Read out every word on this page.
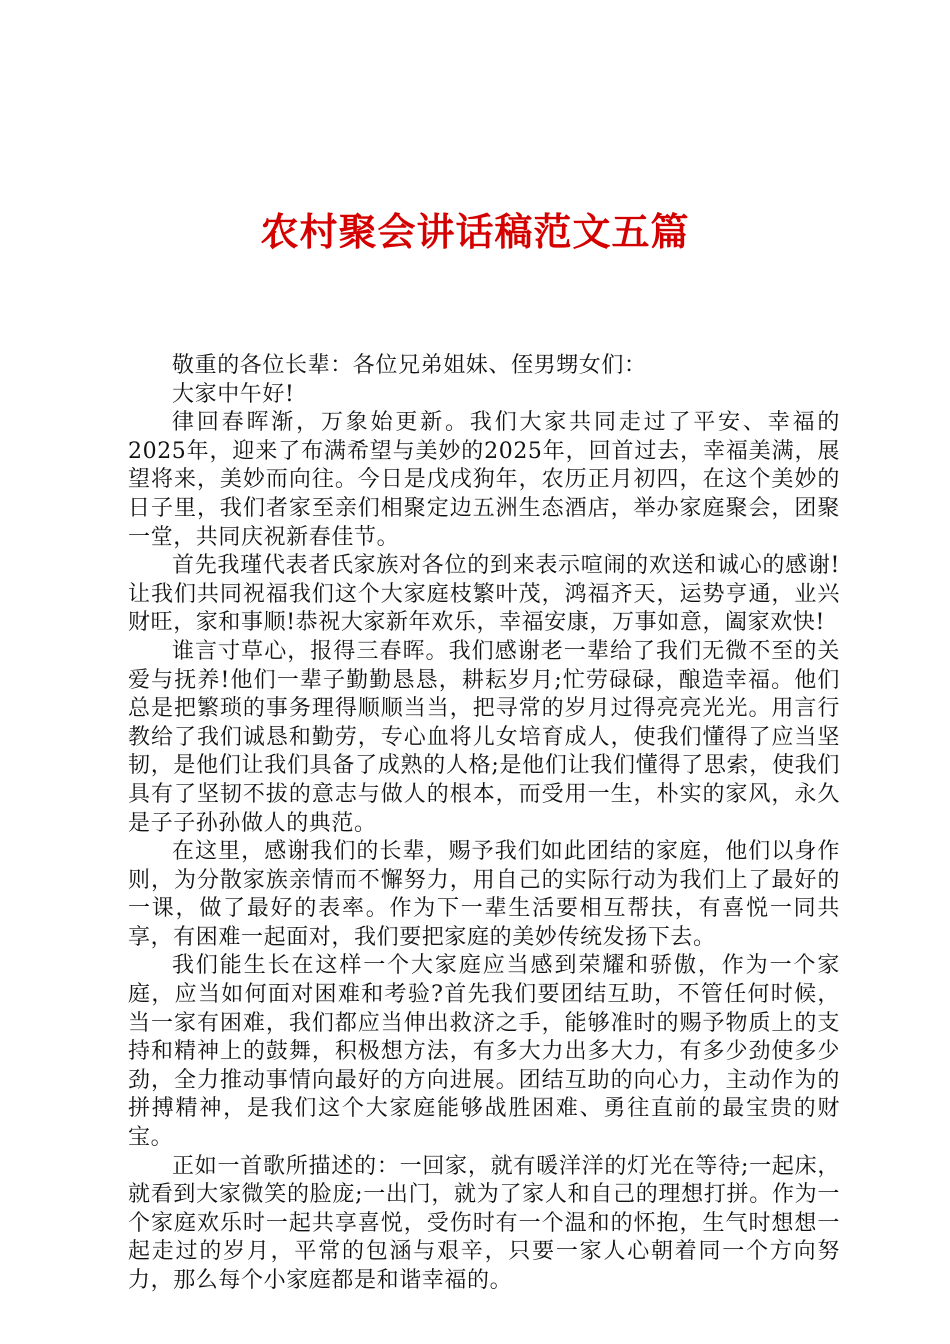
农村聚会讲话稿范文五篇

敬重的各位长辈：各位兄弟姐妹、侄男甥女们：

大家中午好!

律回春晖渐，万象始更新。我们大家共同走过了平安、幸福的2025年，迎来了布满希望与美妙的2025年，回首过去，幸福美满，展望将来，美妙而向往。今日是戊戌狗年，农历正月初四，在这个美妙的日子里，我们者家至亲们相聚定边五洲生态酒店，举办家庭聚会，团聚一堂，共同庆祝新春佳节。

首先我瑾代表者氏家族对各位的到来表示喧闹的欢送和诚心的感谢!让我们共同祝福我们这个大家庭枝繁叶茂，鸿福齐天，运势亨通，业兴财旺，家和事顺!恭祝大家新年欢乐，幸福安康，万事如意，阖家欢快!

谁言寸草心，报得三春晖。我们感谢老一辈给了我们无微不至的关爱与抚养!他们一辈子勤勤恳恳，耕耘岁月;忙劳碌碌，酿造幸福。他们总是把繁琐的事务理得顺顺当当，把寻常的岁月过得亮亮光光。用言行教给了我们诚恳和勤劳，专心血将儿女培育成人，使我们懂得了应当坚韧，是他们让我们具备了成熟的人格;是他们让我们懂得了思索，使我们具有了坚韧不拔的意志与做人的根本，而受用一生，朴实的家风，永久是子子孙孙做人的典范。

在这里，感谢我们的长辈，赐予我们如此团结的家庭，他们以身作则，为分散家族亲情而不懈努力，用自己的实际行动为我们上了最好的一课，做了最好的表率。作为下一辈生活要相互帮扶，有喜悦一同共享，有困难一起面对，我们要把家庭的美妙传统发扬下去。

我们能生长在这样一个大家庭应当感到荣耀和骄傲，作为一个家庭，应当如何面对困难和考验?首先我们要团结互助，不管任何时候，当一家有困难，我们都应当伸出救济之手，能够准时的赐予物质上的支持和精神上的鼓舞，积极想方法，有多大力出多大力，有多少劲使多少劲，全力推动事情向最好的方向进展。团结互助的向心力，主动作为的拼搏精神，是我们这个大家庭能够战胜困难、勇往直前的最宝贵的财宝。

正如一首歌所描述的：一回家，就有暖洋洋的灯光在等待;一起床，就看到大家微笑的脸庞;一出门，就为了家人和自己的理想打拼。作为一个家庭欢乐时一起共享喜悦，受伤时有一个温和的怀抱，生气时想想一起走过的岁月，平常的包涵与艰辛，只要一家人心朝着同一个方向努力，那么每个小家庭都是和谐幸福的。
